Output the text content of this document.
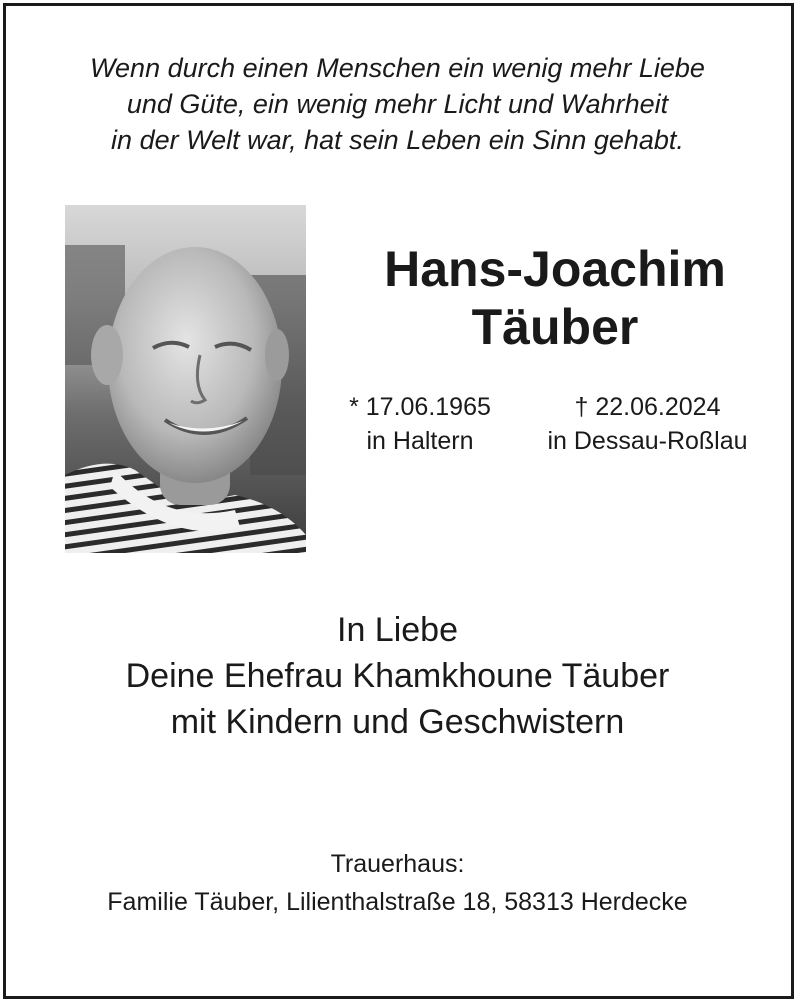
Wenn durch einen Menschen ein wenig mehr Liebe
und Güte, ein wenig mehr Licht und Wahrheit
in der Welt war, hat sein Leben ein Sinn gehabt.
Hans-Joachim
Täuber
* 17.06.1965
in Haltern
† 22.06.2024
in Dessau-Roßlau
In Liebe
Deine Ehefrau Khamkhoune Täuber
mit Kindern und Geschwistern
Trauerhaus:
Familie Täuber, Lilienthalstraße 18, 58313 Herdecke
